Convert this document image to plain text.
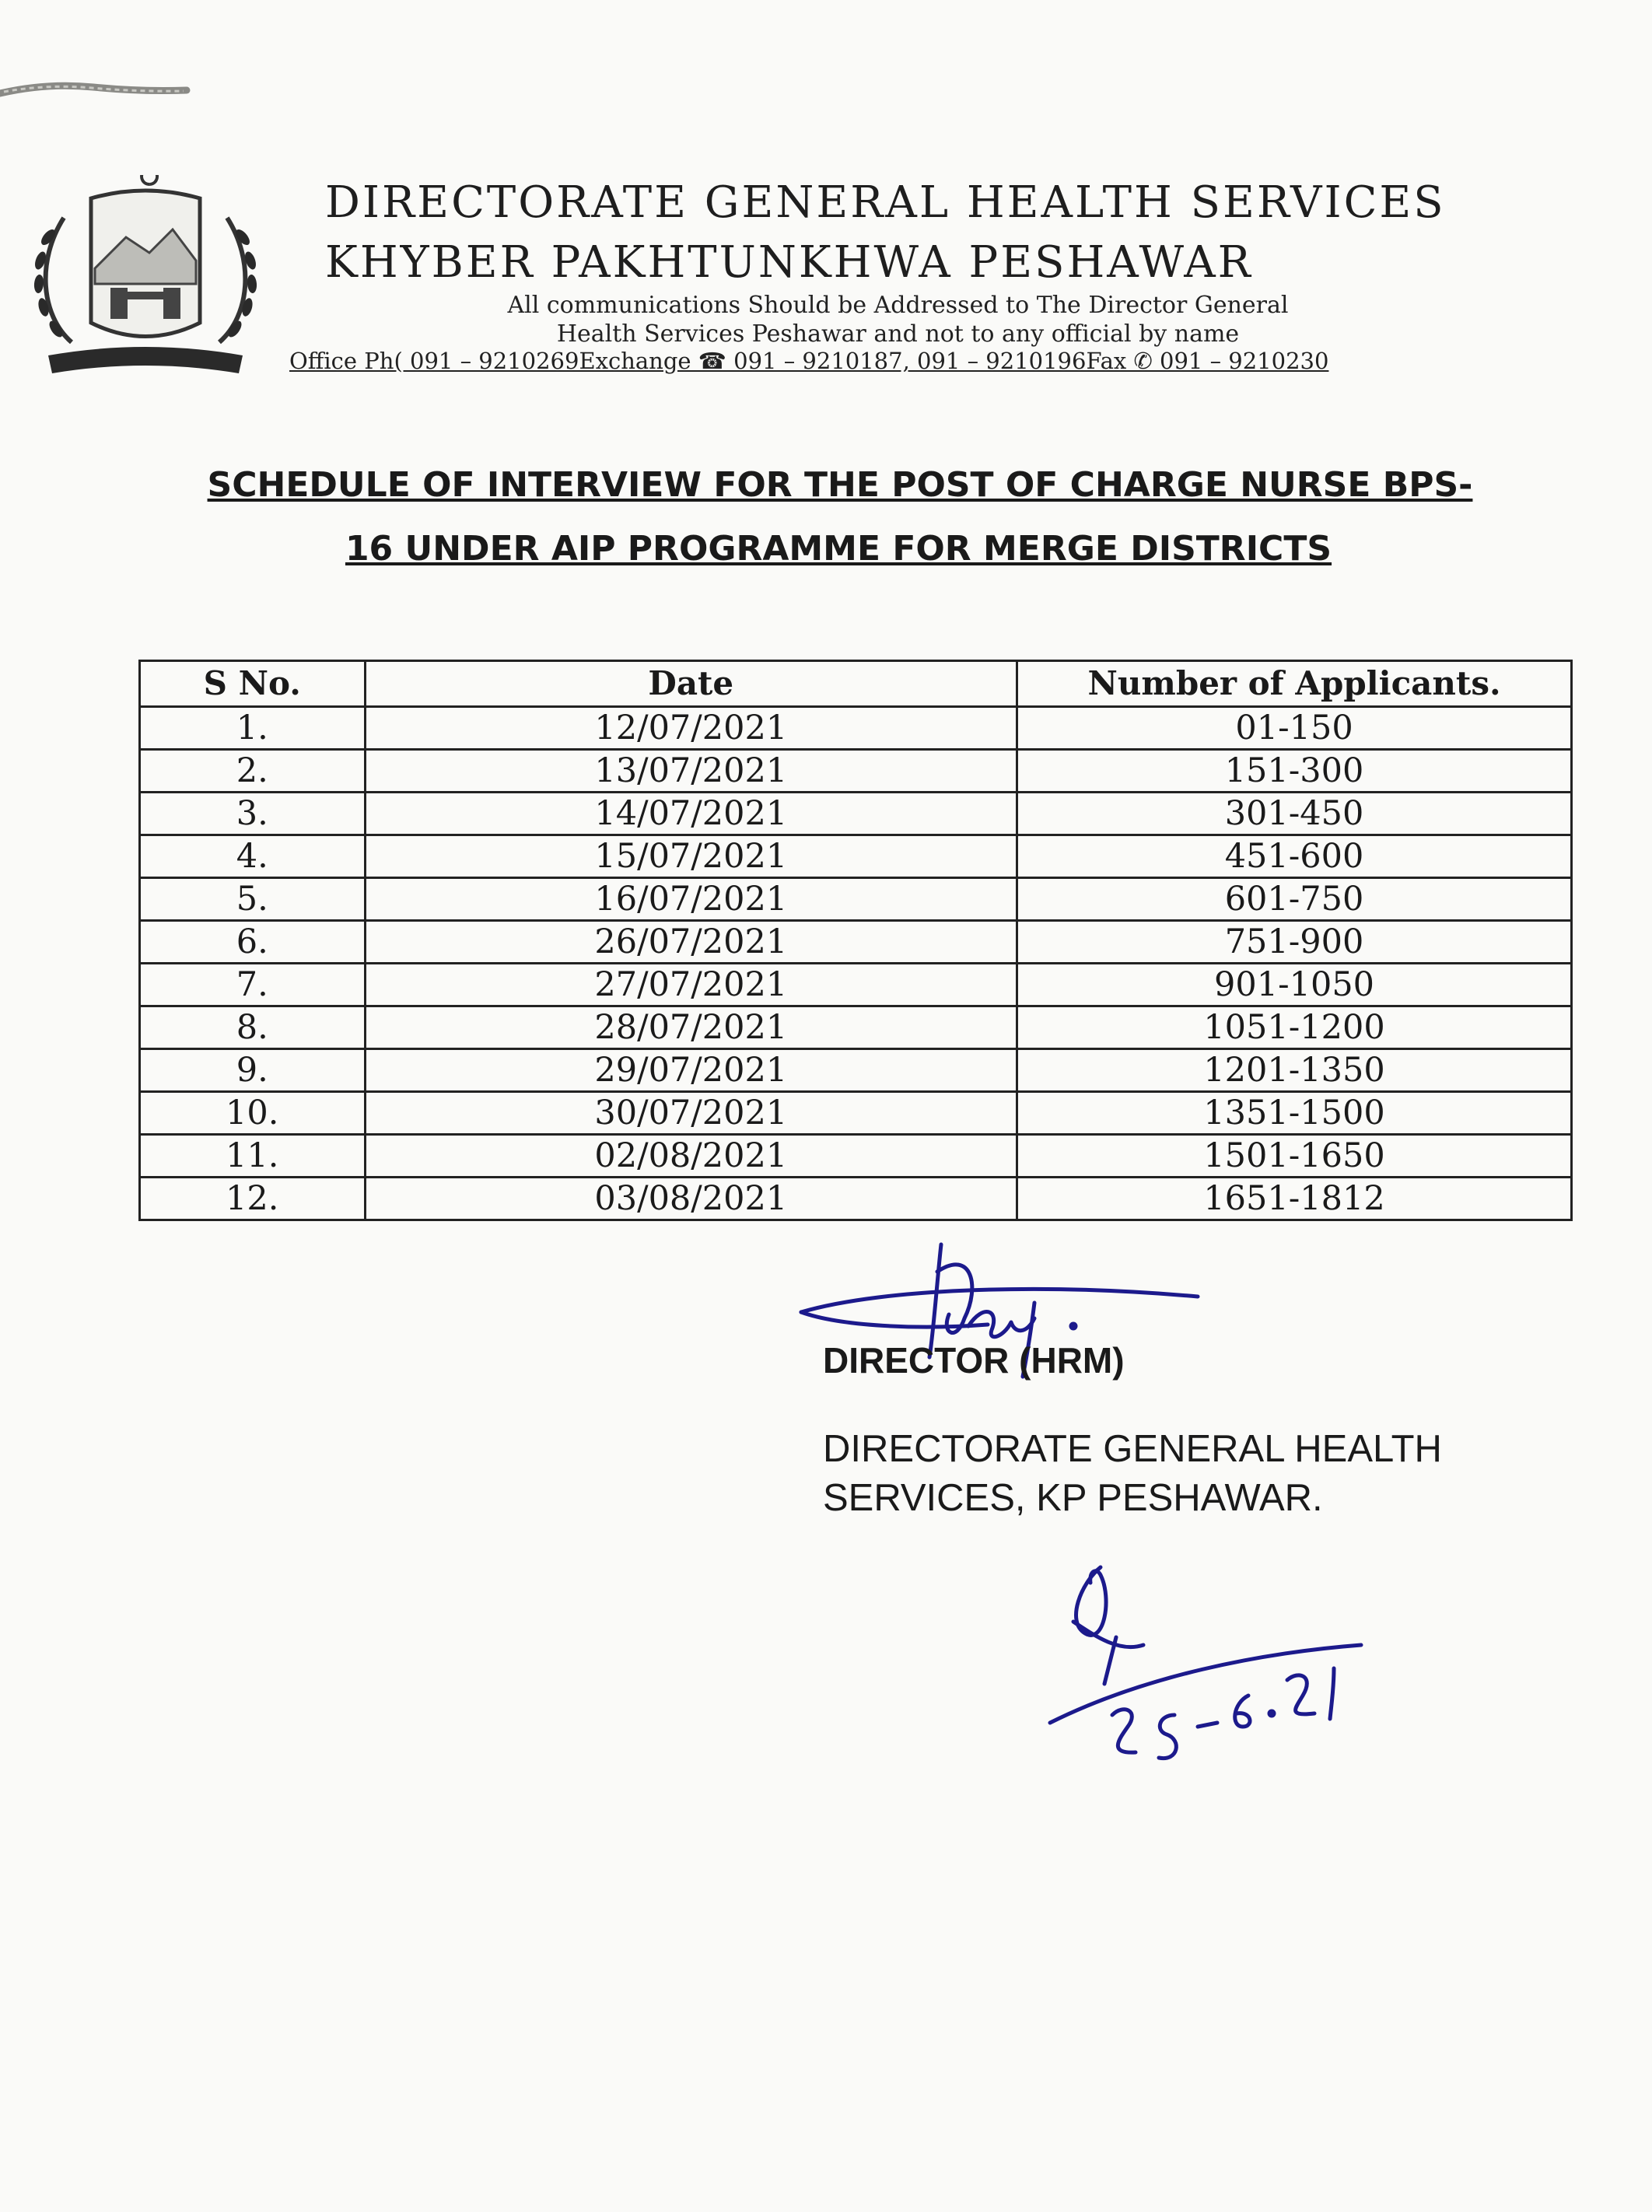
DIRECTORATE GENERAL HEALTH SERVICES
KHYBER PAKHTUNKHWA PESHAWAR
All communications Should be Addressed to The Director General
Health Services Peshawar and not to any official by name
Office Ph( 091 – 9210269Exchange ☎ 091 – 9210187, 091 – 9210196Fax ✆ 091 – 9210230
SCHEDULE OF INTERVIEW FOR THE POST OF CHARGE NURSE BPS-
16 UNDER AIP PROGRAMME FOR MERGE DISTRICTS
S No.	Date	Number of Applicants.
1.	12/07/2021	01-150
2.	13/07/2021	151-300
3.	14/07/2021	301-450
4.	15/07/2021	451-600
5.	16/07/2021	601-750
6.	26/07/2021	751-900
7.	27/07/2021	901-1050
8.	28/07/2021	1051-1200
9.	29/07/2021	1201-1350
10.	30/07/2021	1351-1500
11.	02/08/2021	1501-1650
12.	03/08/2021	1651-1812
DIRECTOR (HRM)
DIRECTORATE GENERAL HEALTH
SERVICES, KP PESHAWAR.
